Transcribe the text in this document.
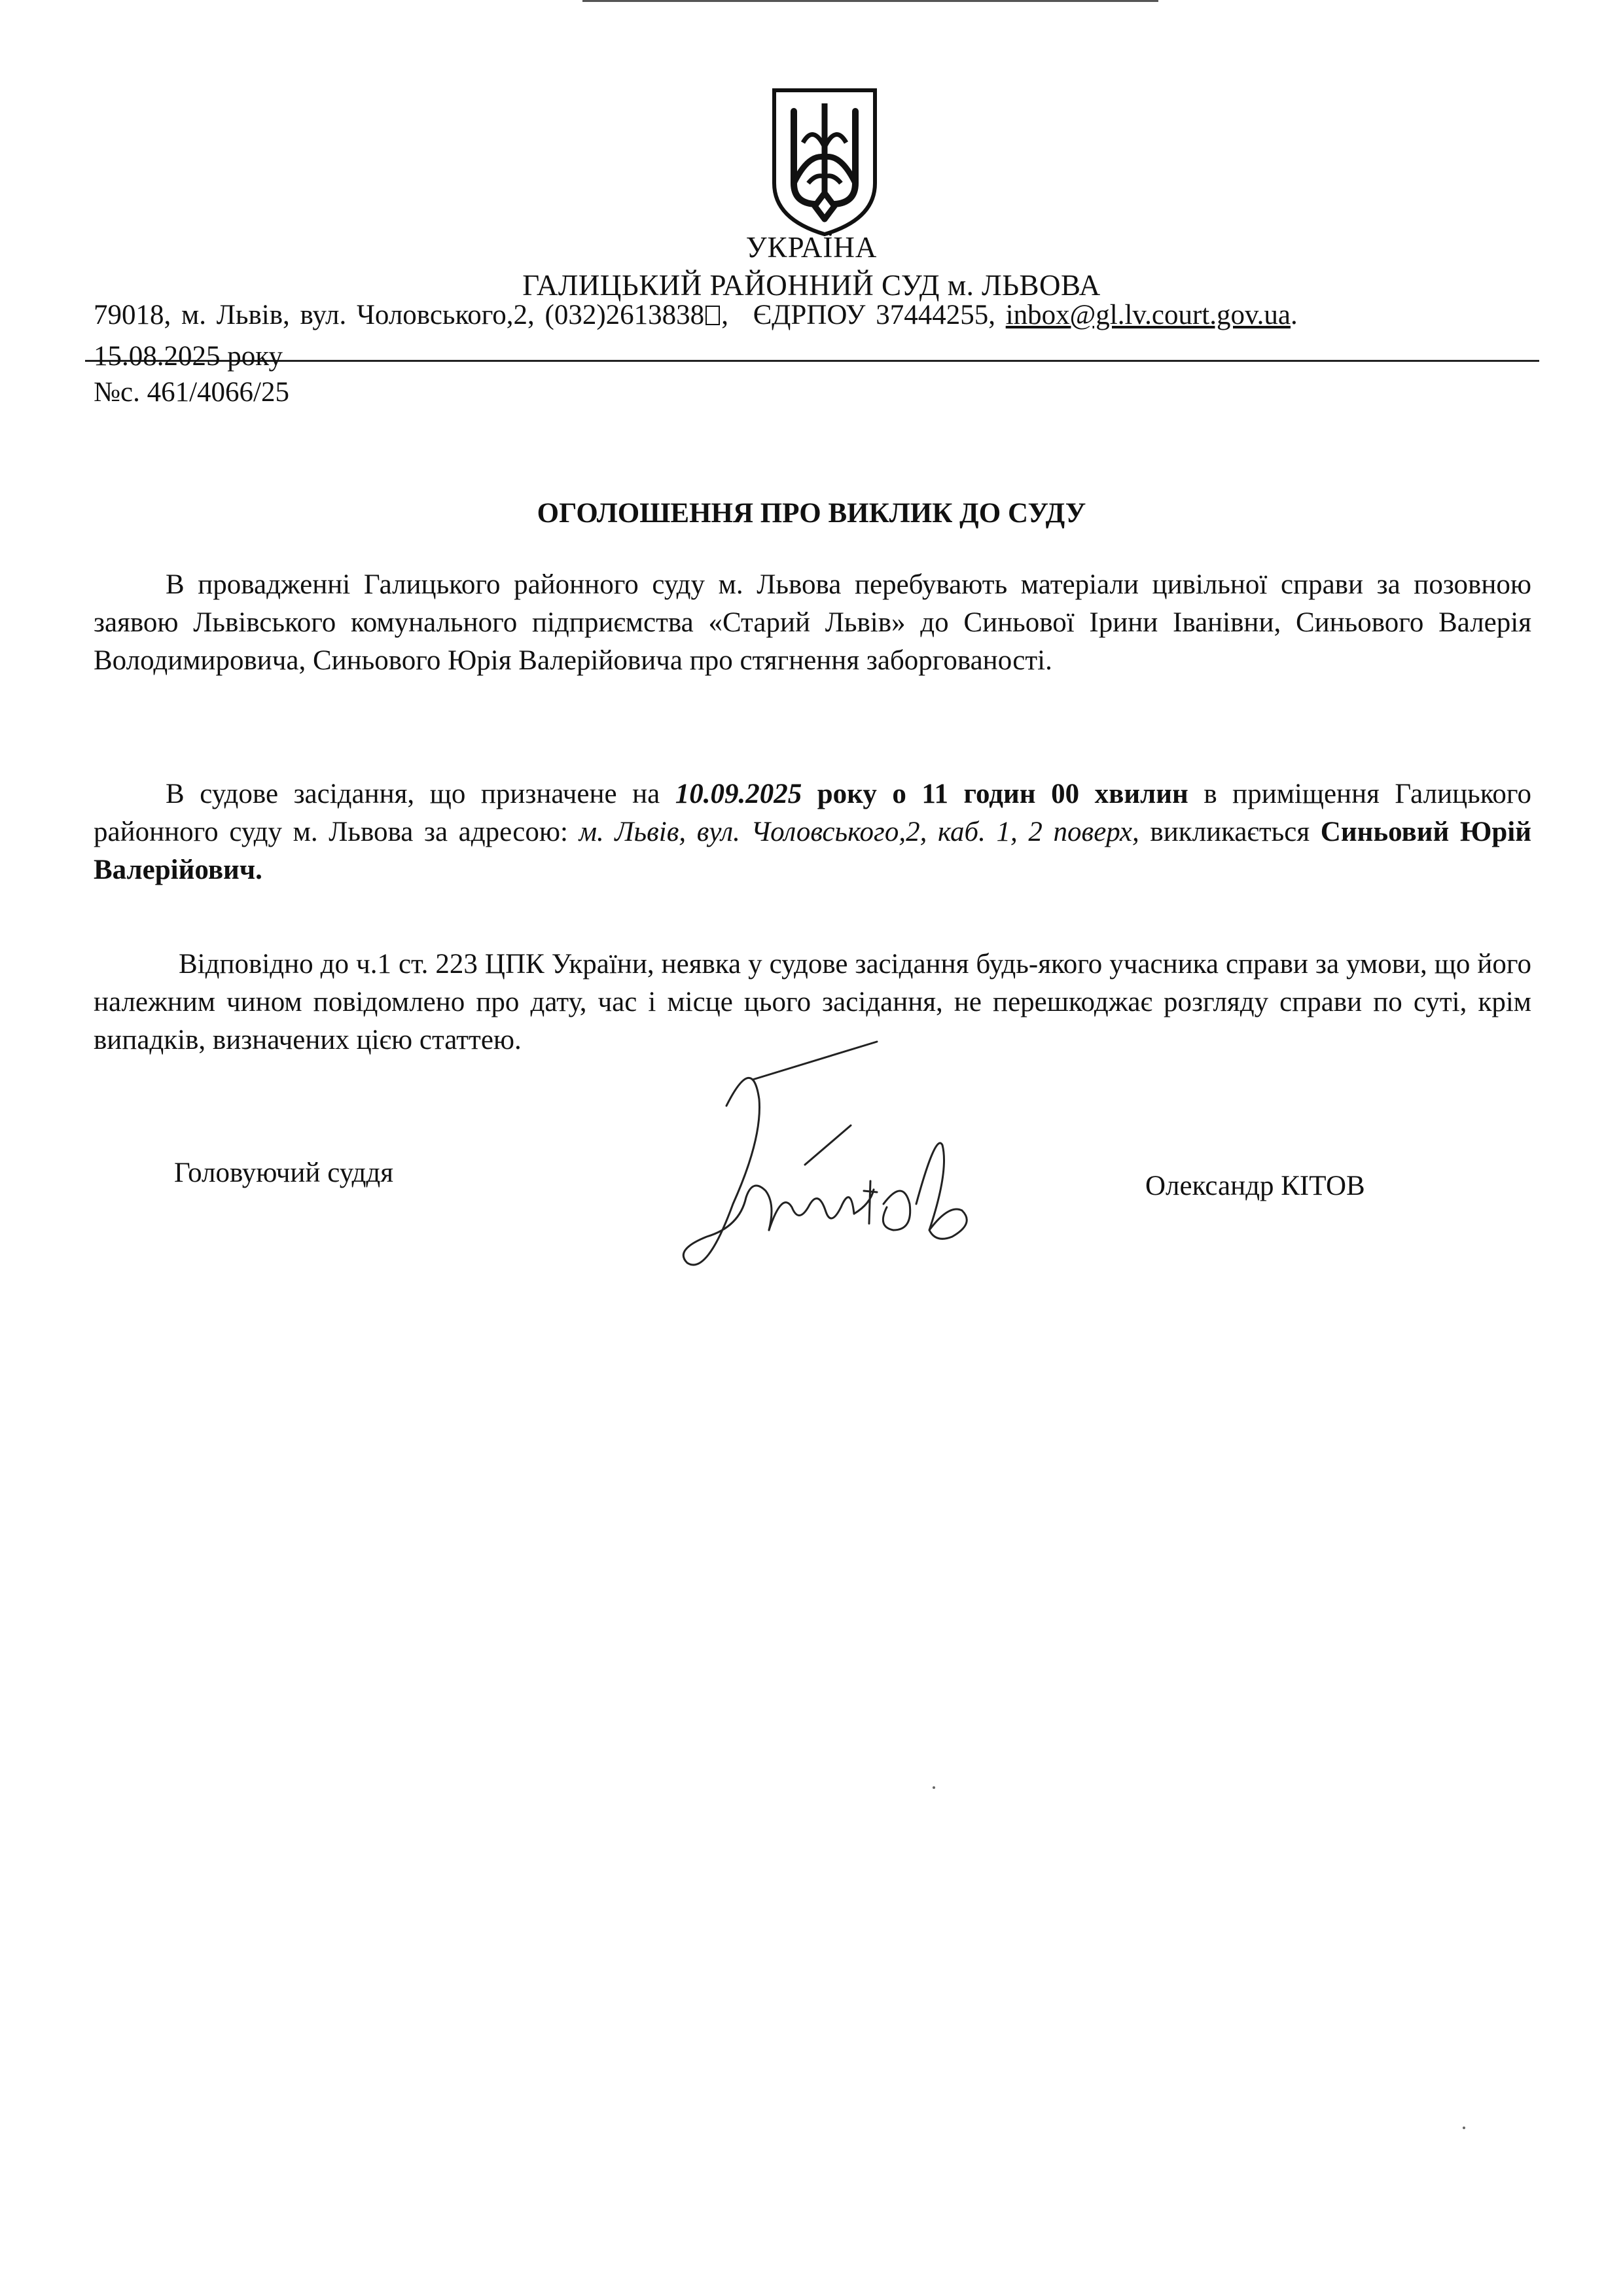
УКРАЇНА
ГАЛИЦЬКИЙ РАЙОННИЙ СУД м. ЛЬВОВА
79018, м. Львів, вул. Чоловського,2, (032)2613838 , ЄДРПОУ 37444255, inbox@gl.lv.court.gov.ua.
15.08.2025 року
№с. 461/4066/25
ОГОЛОШЕННЯ ПРО ВИКЛИК ДО СУДУ
В провадженні Галицького районного суду м. Львова перебувають матеріали цивільної справи за позовною заявою Львівського комунального підприємства «Старий Львів» до Синьової Ірини Іванівни, Синьового Валерія Володимировича, Синьового Юрія Валерійовича про стягнення заборгованості.
В судове засідання, що призначене на 10.09.2025 року о 11 годин 00 хвилин в приміщення Галицького районного суду м. Львова за адресою: м. Львів, вул. Чоловського,2, каб. 1, 2 поверх, викликається Синьовий Юрій Валерійович.
Відповідно до ч.1 ст. 223 ЦПК України, неявка у судове засідання будь-якого учасника справи за умови, що його належним чином повідомлено про дату, час і місце цього засідання, не перешкоджає розгляду справи по суті, крім випадків, визначених цією статтею.
Головуючий суддя	Олександр КІТОВ
